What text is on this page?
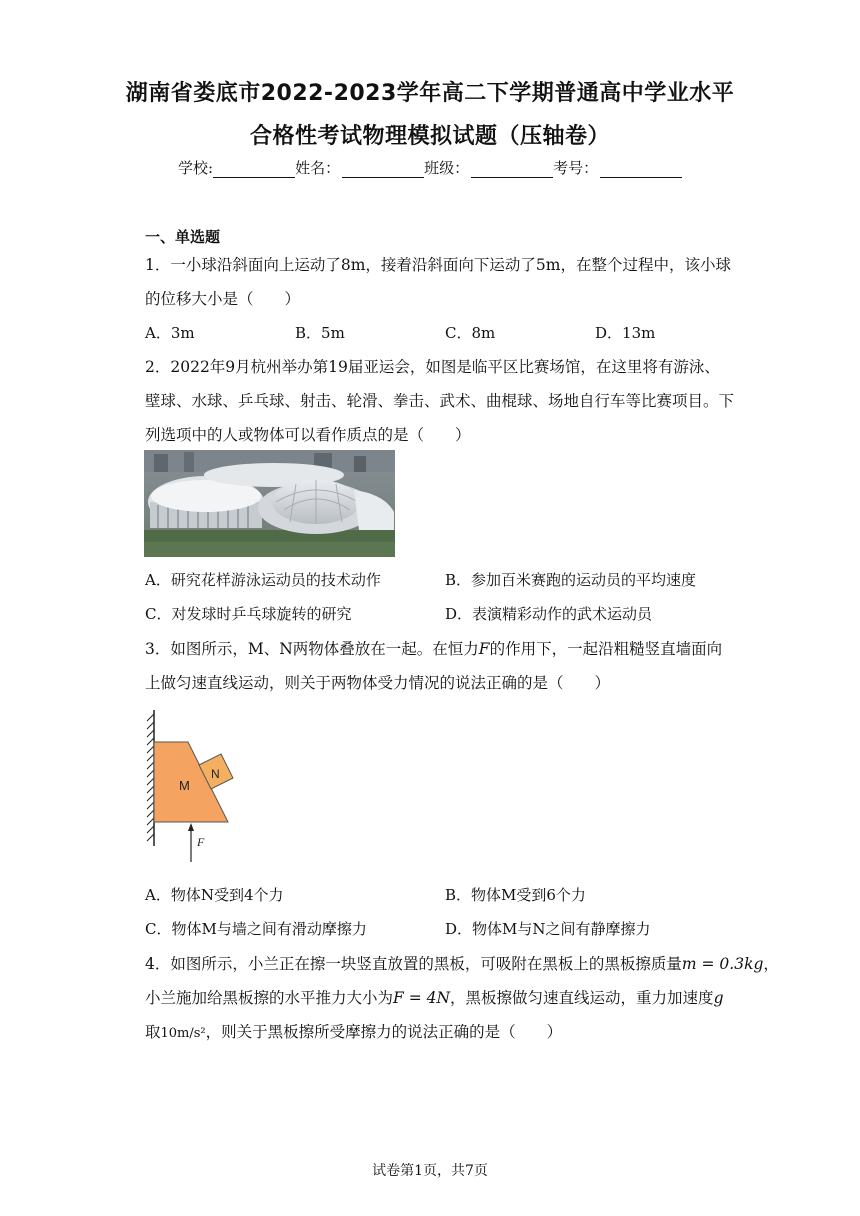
湖南省娄底市2022-2023学年高二下学期普通高中学业水平
合格性考试物理模拟试题（压轴卷）
学校:	姓名：	班级：	考号：
一、单选题
1．一小球沿斜面向上运动了8m，接着沿斜面向下运动了5m，在整个过程中，该小球
的位移大小是（　　）
A．3m	B．5m	C．8m	D．13m
2．2022年9月杭州举办第19届亚运会，如图是临平区比赛场馆，在这里将有游泳、
壁球、水球、乒乓球、射击、轮滑、拳击、武术、曲棍球、场地自行车等比赛项目。下
列选项中的人或物体可以看作质点的是（　　）
A．研究花样游泳运动员的技术动作	B．参加百米赛跑的运动员的平均速度
C．对发球时乒乓球旋转的研究	D．表演精彩动作的武术运动员
3．如图所示，M、N两物体叠放在一起。在恒力F的作用下，一起沿粗糙竖直墙面向
上做匀速直线运动，则关于两物体受力情况的说法正确的是（　　）
M
N
F
A．物体N受到4个力	B．物体M受到6个力
C．物体M与墙之间有滑动摩擦力	D．物体M与N之间有静摩擦力
4．如图所示，小兰正在擦一块竖直放置的黑板，可吸附在黑板上的黑板擦质量m = 0.3kg，
小兰施加给黑板擦的水平推力大小为F = 4N，黑板擦做匀速直线运动，重力加速度g
取10m/s²，则关于黑板擦所受摩擦力的说法正确的是（　　）
试卷第1页，共7页
